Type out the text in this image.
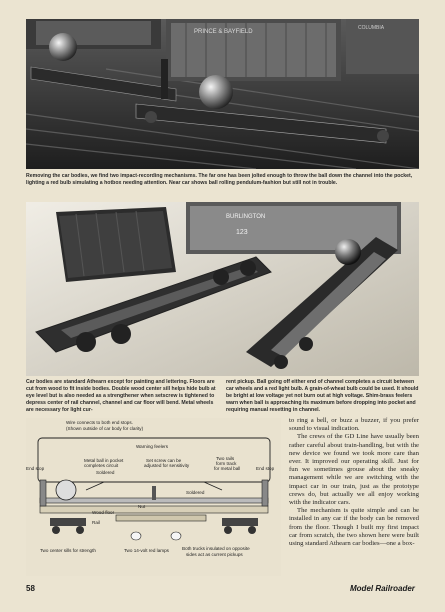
PRINCE & BAYFIELD
COLUMBIA

Removing the car bodies, we find two impact-recording mechanisms. The far one has been jolted enough to throw the ball down the channel into the pocket, lighting a red bulb simulating a hotbox needing attention. Near car shows ball rolling pendulum-fashion but still not in trouble.

BURLINGTON
123

Car bodies are standard Athearn except for painting and lettering. Floors are cut from wood to fit inside bodies. Double wood center sill helps hide bulb at eye level but is also needed as a strengthener when setscrew is tightened to depress center of rail channel, channel and car floor will bend. Metal wheels are necessary for light cur-

rent pickup. Ball going off either end of channel completes a circuit between car wheels and a red light bulb. A grain-of-wheat bulb could be used. It should be bright at low voltage yet not burn out at high voltage. Shim-brass feelers warn when ball is approaching its maximum before dropping into pocket and requiring manual resetting in channel.

Wire connects to both end stops.
(Shown outside of car body for clarity)
Warning feelers
End stop	End stop
Metal ball in pocket
completes circuit
Soldered
Set screw can be
adjusted for sensitivity
Two rails
form track
for metal ball
Wood floor
Soldered
Nut
Rail
Two center sills for strength	Two 14-volt red lamps	Both trucks insulated on opposite
sides act as current pickups

to ring a bell, or buzz a buzzer, if you prefer sound to visual indication.

The crews of the GD Line have usually been rather careful about train-handling, but with the new device we found we took more care than ever. It improved our operating skill. Just for fun we sometimes grouse about the sneaky management while we are switching with the impact car in our train, just as the prototype crews do, but actually we all enjoy working with the indicator cars.

The mechanism is quite simple and can be installed in any car if the body can be removed from the floor. Though I built my first impact car from scratch, the two shown here were built using standard Athearn car bodies—one a box-

58	Model Railroader
